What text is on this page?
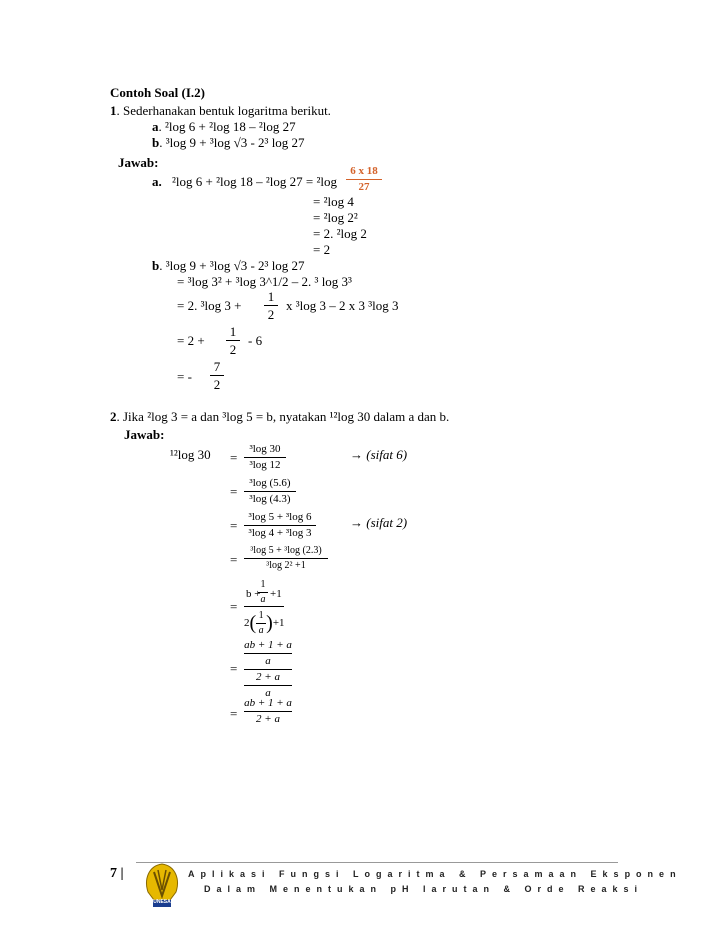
Contoh Soal (I.2)
1. Sederhanakan bentuk logaritma berikut.
a. ²log 6 + ²log 18 – ²log 27
b. ³log 9 + ³log √3 - 2³ log 27
Jawab:
a. ²log 6 + ²log 18 – ²log 27 = ²log
6 x 18
27
= ²log 4
= ²log 2²
= 2. ²log 2
= 2
b. ³log 9 + ³log √3 - 2³ log 27
= ³log 3² + ³log 3^1/2 – 2. ³ log 3³
= 2. ³log 3 +
1
2
x ³log 3 – 2 x 3 ³log 3
= 2 +
1
2
- 6
= -
7
2
2. Jika ²log 3 = a dan ³log 5 = b, nyatakan ¹²log 30 dalam a dan b.
Jawab:
¹²log 30 =
³log 30
³log 12
→ (sifat 6)
=
³log (5.6)
³log (4.3)
=
³log 5 + ³log 6
³log 4 + ³log 3
→ (sifat 2)
=
³log 5 + ³log (2.3)
³log 2² +1
=
b +
1
a +1
$2( \frac{1}{a} )+1$
=
ab + 1 + a
a
2 + a
a
=
ab + 1 + a
2 + a
7 |
UNESA
Aplikasi Fungsi Logaritma & Persamaan Eksponen
Dalam Menentukan pH larutan & Orde Reaksi
